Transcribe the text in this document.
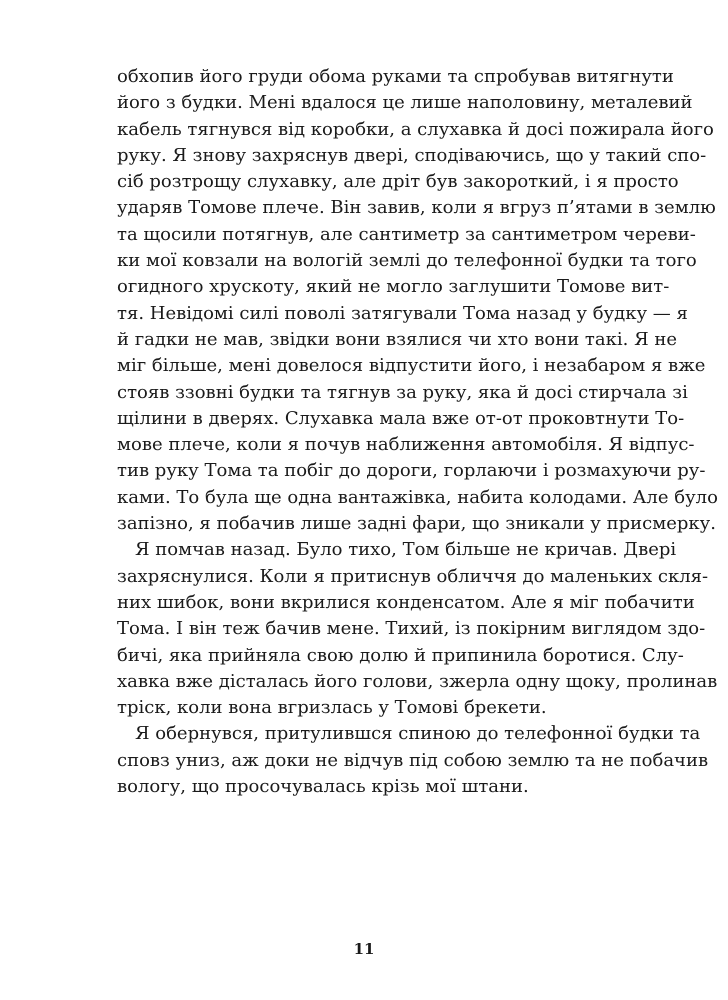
обхопив його груди обома руками та спробував витягнути
його з будки. Мені вдалося це лише наполовину, металевий
кабель тягнувся від коробки, а слухавка й досі пожирала його
руку. Я знову захряснув двері, сподіваючись, що у такий спо-
сіб розтрощу слухавку, але дріт був закороткий, і я просто
ударяв Томове плече. Він завив, коли я вгруз п’ятами в землю
та щосили потягнув, але сантиметр за сантиметром череви-
ки мої ковзали на вологій землі до телефонної будки та того
огидного хрускоту, який не могло заглушити Томове вит-
тя. Невідомі силі поволі затягували Тома назад у будку — я
й гадки не мав, звідки вони взялися чи хто вони такі. Я не
міг більше, мені довелося відпустити його, і незабаром я вже
стояв ззовні будки та тягнув за руку, яка й досі стирчала зі
щілини в дверях. Слухавка мала вже от-от проковтнути То-
мове плече, коли я почув наближення автомобіля. Я відпус-
тив руку Тома та побіг до дороги, горлаючи і розмахуючи ру-
ками. То була ще одна вантажівка, набита колодами. Але було
запізно, я побачив лише задні фари, що зникали у присмерку.
Я помчав назад. Було тихо, Том більше не кричав. Двері
захряснулися. Коли я притиснув обличчя до маленьких скля-
них шибок, вони вкрилися конденсатом. Але я міг побачити
Тома. І він теж бачив мене. Тихий, із покірним виглядом здо-
бичі, яка прийняла свою долю й припинила боротися. Слу-
хавка вже дісталась його голови, зжерла одну щоку, пролинав
тріск, коли вона вгризлась у Томові брекети.
Я обернувся, притулившся спиною до телефонної будки та
сповз униз, аж доки не відчув під собою землю та не побачив
вологу, що просочувалась крізь мої штани.
11
